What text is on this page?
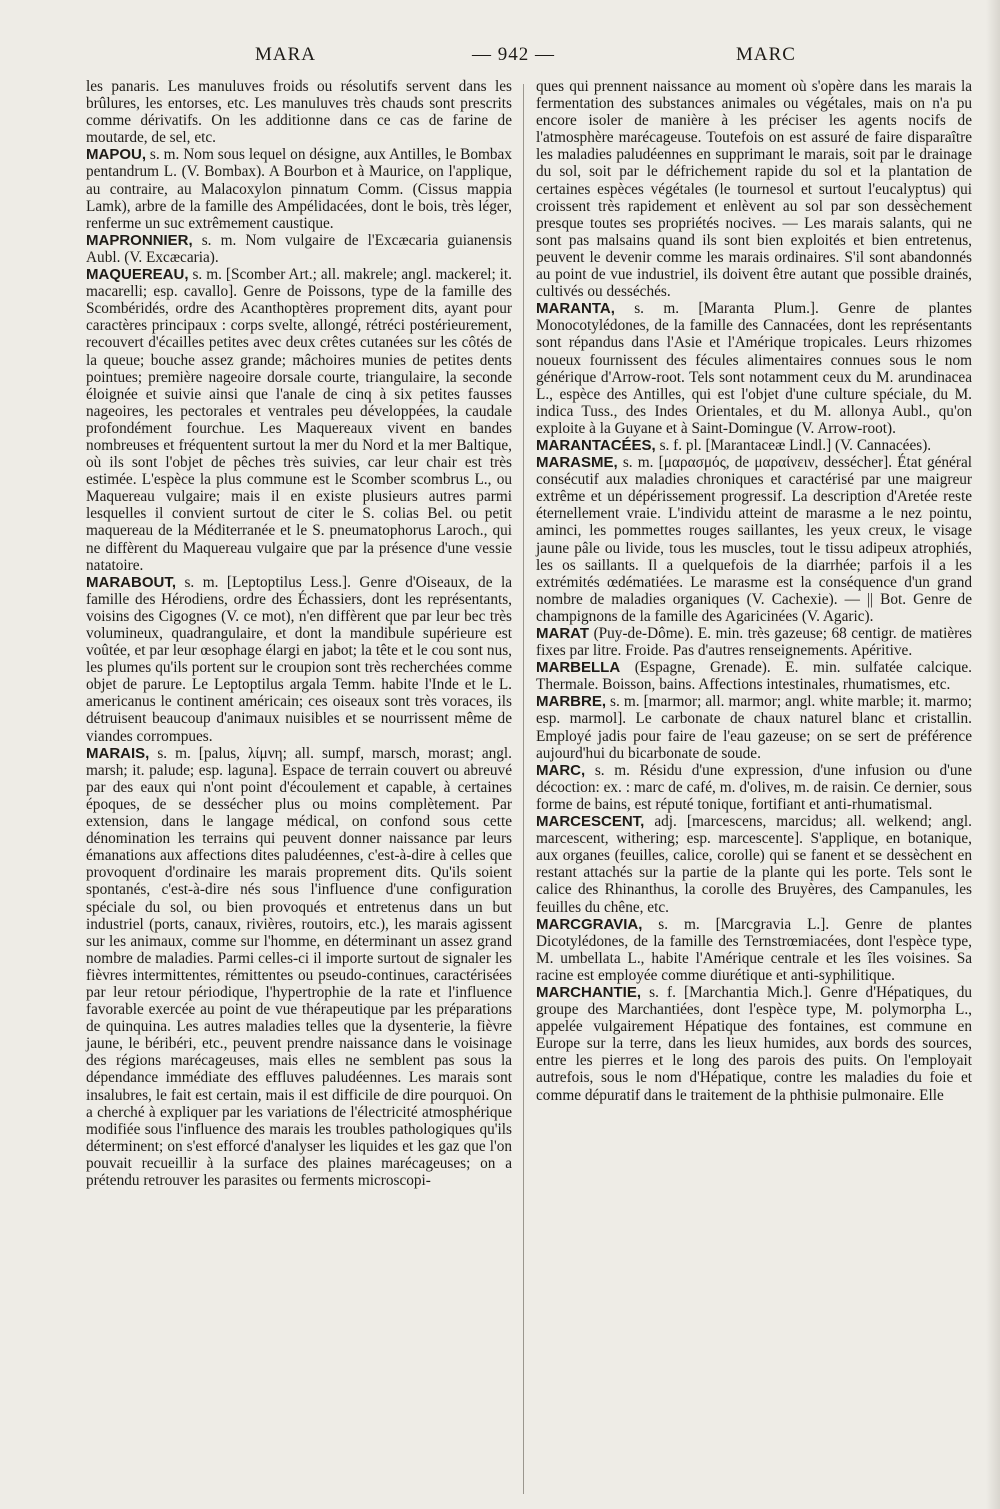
MARA	— 942 —	MARC

les panaris. Les manuluves froids ou résolutifs servent dans les brûlures, les entorses, etc. Les manuluves très chauds sont prescrits comme dérivatifs. On les additionne dans ce cas de farine de moutarde, de sel, etc.

MAPOU, s. m. Nom sous lequel on désigne, aux Antilles, le Bombax pentandrum L. (V. Bombax). A Bourbon et à Maurice, on l'applique, au contraire, au Malacoxylon pinnatum Comm. (Cissus mappia Lamk), arbre de la famille des Ampélidacées, dont le bois, très léger, renferme un suc extrêmement caustique.

MAPRONNIER, s. m. Nom vulgaire de l'Excæcaria guianensis Aubl. (V. Excæcaria).

MAQUEREAU, s. m. [Scomber Art.; all. makrele; angl. mackerel; it. macarelli; esp. cavallo]. Genre de Poissons, type de la famille des Scombéridés, ordre des Acanthoptères proprement dits, ayant pour caractères principaux : corps svelte, allongé, rétréci postérieurement, recouvert d'écailles petites avec deux crêtes cutanées sur les côtés de la queue; bouche assez grande; mâchoires munies de petites dents pointues; première nageoire dorsale courte, triangulaire, la seconde éloignée et suivie ainsi que l'anale de cinq à six petites fausses nageoires, les pectorales et ventrales peu développées, la caudale profondément fourchue. Les Maquereaux vivent en bandes nombreuses et fréquentent surtout la mer du Nord et la mer Baltique, où ils sont l'objet de pêches très suivies, car leur chair est très estimée. L'espèce la plus commune est le Scomber scombrus L., ou Maquereau vulgaire; mais il en existe plusieurs autres parmi lesquelles il convient surtout de citer le S. colias Bel. ou petit maquereau de la Méditerranée et le S. pneumatophorus Laroch., qui ne diffèrent du Maquereau vulgaire que par la présence d'une vessie natatoire.

MARABOUT, s. m. [Leptoptilus Less.]. Genre d'Oiseaux, de la famille des Hérodiens, ordre des Échassiers, dont les représentants, voisins des Cigognes (V. ce mot), n'en diffèrent que par leur bec très volumineux, quadrangulaire, et dont la mandibule supérieure est voûtée, et par leur œsophage élargi en jabot; la tête et le cou sont nus, les plumes qu'ils portent sur le croupion sont très recherchées comme objet de parure. Le Leptoptilus argala Temm. habite l'Inde et le L. americanus le continent américain; ces oiseaux sont très voraces, ils détruisent beaucoup d'animaux nuisibles et se nourrissent même de viandes corrompues.

MARAIS, s. m. [palus, λίμνη; all. sumpf, marsch, morast; angl. marsh; it. palude; esp. laguna]. Espace de terrain couvert ou abreuvé par des eaux qui n'ont point d'écoulement et capable, à certaines époques, de se dessécher plus ou moins complètement. Par extension, dans le langage médical, on confond sous cette dénomination les terrains qui peuvent donner naissance par leurs émanations aux affections dites paludéennes, c'est-à-dire à celles que provoquent d'ordinaire les marais proprement dits. Qu'ils soient spontanés, c'est-à-dire nés sous l'influence d'une configuration spéciale du sol, ou bien provoqués et entretenus dans un but industriel (ports, canaux, rivières, routoirs, etc.), les marais agissent sur les animaux, comme sur l'homme, en déterminant un assez grand nombre de maladies. Parmi celles-ci il importe surtout de signaler les fièvres intermittentes, rémittentes ou pseudo-continues, caractérisées par leur retour périodique, l'hypertrophie de la rate et l'influence favorable exercée au point de vue thérapeutique par les préparations de quinquina. Les autres maladies telles que la dysenterie, la fièvre jaune, le béribéri, etc., peuvent prendre naissance dans le voisinage des régions marécageuses, mais elles ne semblent pas sous la dépendance immédiate des effluves paludéennes. Les marais sont insalubres, le fait est certain, mais il est difficile de dire pourquoi. On a cherché à expliquer par les variations de l'électricité atmosphérique modifiée sous l'influence des marais les troubles pathologiques qu'ils déterminent; on s'est efforcé d'analyser les liquides et les gaz que l'on pouvait recueillir à la surface des plaines marécageuses; on a prétendu retrouver les parasites ou ferments microscopi-

ques qui prennent naissance au moment où s'opère dans les marais la fermentation des substances animales ou végétales, mais on n'a pu encore isoler de manière à les préciser les agents nocifs de l'atmosphère marécageuse. Toutefois on est assuré de faire disparaître les maladies paludéennes en supprimant le marais, soit par le drainage du sol, soit par le défrichement rapide du sol et la plantation de certaines espèces végétales (le tournesol et surtout l'eucalyptus) qui croissent très rapidement et enlèvent au sol par son dessèchement presque toutes ses propriétés nocives. — Les marais salants, qui ne sont pas malsains quand ils sont bien exploités et bien entretenus, peuvent le devenir comme les marais ordinaires. S'il sont abandonnés au point de vue industriel, ils doivent être autant que possible drainés, cultivés ou desséchés.

MARANTA, s. m. [Maranta Plum.]. Genre de plantes Monocotylédones, de la famille des Cannacées, dont les représentants sont répandus dans l'Asie et l'Amérique tropicales. Leurs rhizomes noueux fournissent des fécules alimentaires connues sous le nom générique d'Arrow-root. Tels sont notamment ceux du M. arundinacea L., espèce des Antilles, qui est l'objet d'une culture spéciale, du M. indica Tuss., des Indes Orientales, et du M. allonya Aubl., qu'on exploite à la Guyane et à Saint-Domingue (V. Arrow-root).

MARANTACÉES, s. f. pl. [Marantaceæ Lindl.] (V. Cannacées).

MARASME, s. m. [μαρασμός, de μαραίνειν, dessécher]. État général consécutif aux maladies chroniques et caractérisé par une maigreur extrême et un dépérissement progressif. La description d'Aretée reste éternellement vraie. L'individu atteint de marasme a le nez pointu, aminci, les pommettes rouges saillantes, les yeux creux, le visage jaune pâle ou livide, tous les muscles, tout le tissu adipeux atrophiés, les os saillants. Il a quelquefois de la diarrhée; parfois il a les extrémités œdématiées. Le marasme est la conséquence d'un grand nombre de maladies organiques (V. Cachexie). — || Bot. Genre de champignons de la famille des Agaricinées (V. Agaric).

MARAT (Puy-de-Dôme). E. min. très gazeuse; 68 centigr. de matières fixes par litre. Froide. Pas d'autres renseignements. Apéritive.

MARBELLA (Espagne, Grenade). E. min. sulfatée calcique. Thermale. Boisson, bains. Affections intestinales, rhumatismes, etc.

MARBRE, s. m. [marmor; all. marmor; angl. white marble; it. marmo; esp. marmol]. Le carbonate de chaux naturel blanc et cristallin. Employé jadis pour faire de l'eau gazeuse; on se sert de préférence aujourd'hui du bicarbonate de soude.

MARC, s. m. Résidu d'une expression, d'une infusion ou d'une décoction: ex. : marc de café, m. d'olives, m. de raisin. Ce dernier, sous forme de bains, est réputé tonique, fortifiant et anti-rhumatismal.

MARCESCENT, adj. [marcescens, marcidus; all. welkend; angl. marcescent, withering; esp. marcescente]. S'applique, en botanique, aux organes (feuilles, calice, corolle) qui se fanent et se dessèchent en restant attachés sur la partie de la plante qui les porte. Tels sont le calice des Rhinanthus, la corolle des Bruyères, des Campanules, les feuilles du chêne, etc.

MARCGRAVIA, s. m. [Marcgravia L.]. Genre de plantes Dicotylédones, de la famille des Ternstrœmiacées, dont l'espèce type, M. umbellata L., habite l'Amérique centrale et les îles voisines. Sa racine est employée comme diurétique et anti-syphilitique.

MARCHANTIE, s. f. [Marchantia Mich.]. Genre d'Hépatiques, du groupe des Marchantiées, dont l'espèce type, M. polymorpha L., appelée vulgairement Hépatique des fontaines, est commune en Europe sur la terre, dans les lieux humides, aux bords des sources, entre les pierres et le long des parois des puits. On l'employait autrefois, sous le nom d'Hépatique, contre les maladies du foie et comme dépuratif dans le traitement de la phthisie pulmonaire. Elle
